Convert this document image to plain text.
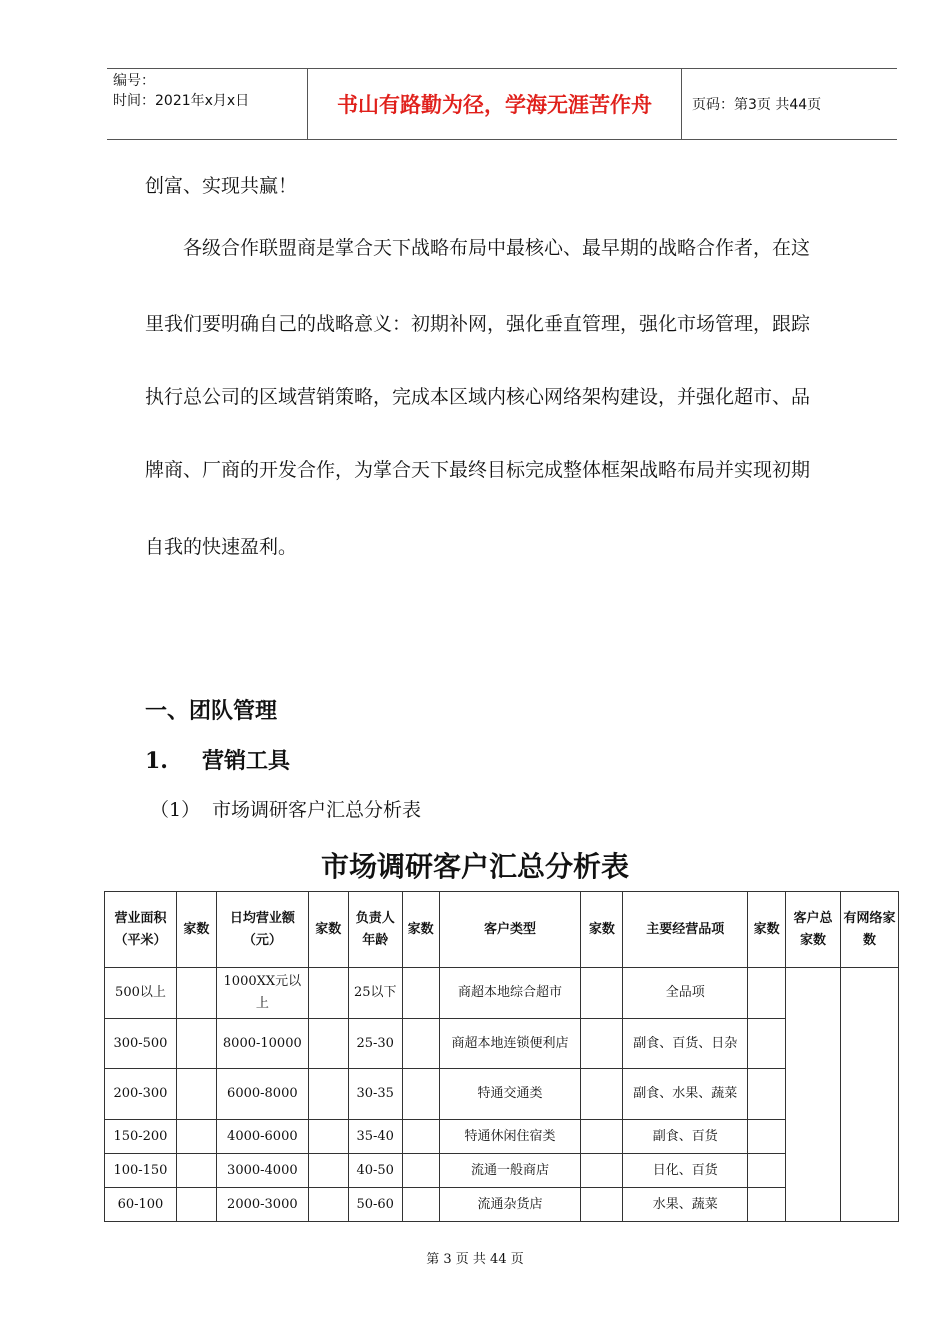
编号：
时间：2021年x月x日	书山有路勤为径，学海无涯苦作舟	页码：第3页 共44页
创富、实现共赢！
　　各级合作联盟商是掌合天下战略布局中最核心、最早期的战略合作者，在这
里我们要明确自己的战略意义：初期补网，强化垂直管理，强化市场管理，跟踪
执行总公司的区域营销策略，完成本区域内核心网络架构建设，并强化超市、品
牌商、厂商的开发合作，为掌合天下最终目标完成整体框架战略布局并实现初期
自我的快速盈利。
一、团队管理
1. 营销工具
（1） 市场调研客户汇总分析表
市场调研客户汇总分析表
营业面积（平米）	家数	日均营业额（元）	家数	负责人年龄	家数	客户类型	家数	主要经营品项	家数	客户总家数	有网络家数
500以上		1000XX元以上		25以下		商超本地综合超市		全品项			
300-500		8000-10000		25-30		商超本地连锁便利店		副食、百货、日杂			
200-300		6000-8000		30-35		特通交通类		副食、水果、蔬菜			
150-200		4000-6000		35-40		特通休闲住宿类		副食、百货			
100-150		3000-4000		40-50		流通一般商店		日化、百货			
60-100		2000-3000		50-60		流通杂货店		水果、蔬菜			
第 3 页 共 44 页
